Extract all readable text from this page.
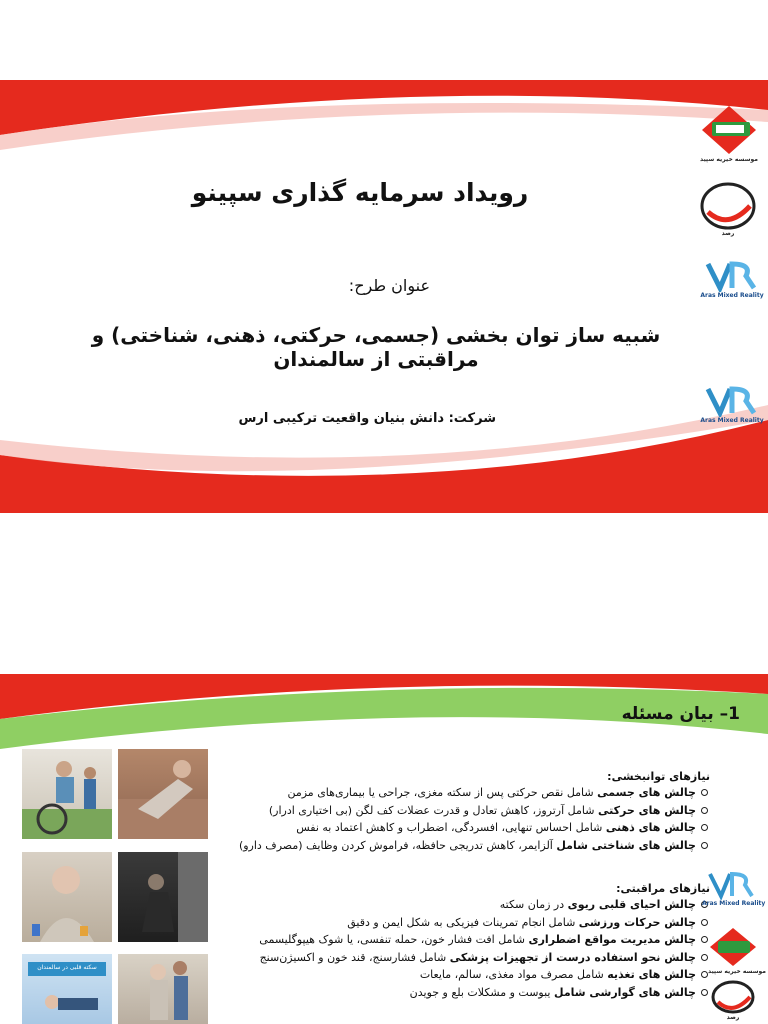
رویداد سرمایه گذاری سپینو
عنوان طرح:
شبیه ساز توان بخشی (جسمی، حرکتی، ذهنی، شناختی) و مراقبتی از سالمندان
شرکت: دانش بنیان واقعیت ترکیبی ارس
موسسه خیریه سپید
رصد
Aras Mixed Reality
Aras Mixed Reality
1– بیان مسئله
سکته قلبی در سالمندان
نیازهای توانبخشی:
چالش های جسمی شامل نقص حرکتی پس از سکته مغزی، جراحی یا بیماری‌های مزمن
چالش های حرکتی شامل آرتروز، کاهش تعادل و قدرت عضلات کف لگن (بی اختیاری ادرار)
چالش های ذهنی شامل احساس تنهایی، افسردگی، اضطراب و کاهش اعتماد به نفس
چالش های شناختی شامل آلزایمر، کاهش تدریجی حافظه، فراموش کردن وظایف (مصرف دارو)
نیازهای مراقبتی:
چالش احیای قلبی ریوی در زمان سکته
چالش حرکات ورزشی شامل انجام تمرینات فیزیکی به شکل ایمن و دقیق
چالش مدیریت مواقع اضطراری شامل افت فشار خون، حمله تنفسی، یا شوک هیپوگلیسمی
چالش نحو استفاده درست از تجهیزات پزشکی شامل فشارسنج، قند خون و اکسیژن‌سنج
چالش های تغذیه شامل مصرف مواد مغذی، سالم، مایعات
چالش های گوارشی شامل یبوست و مشکلات بلع و جویدن
Aras Mixed Reality
موسسه خیریه سپید
رصد
